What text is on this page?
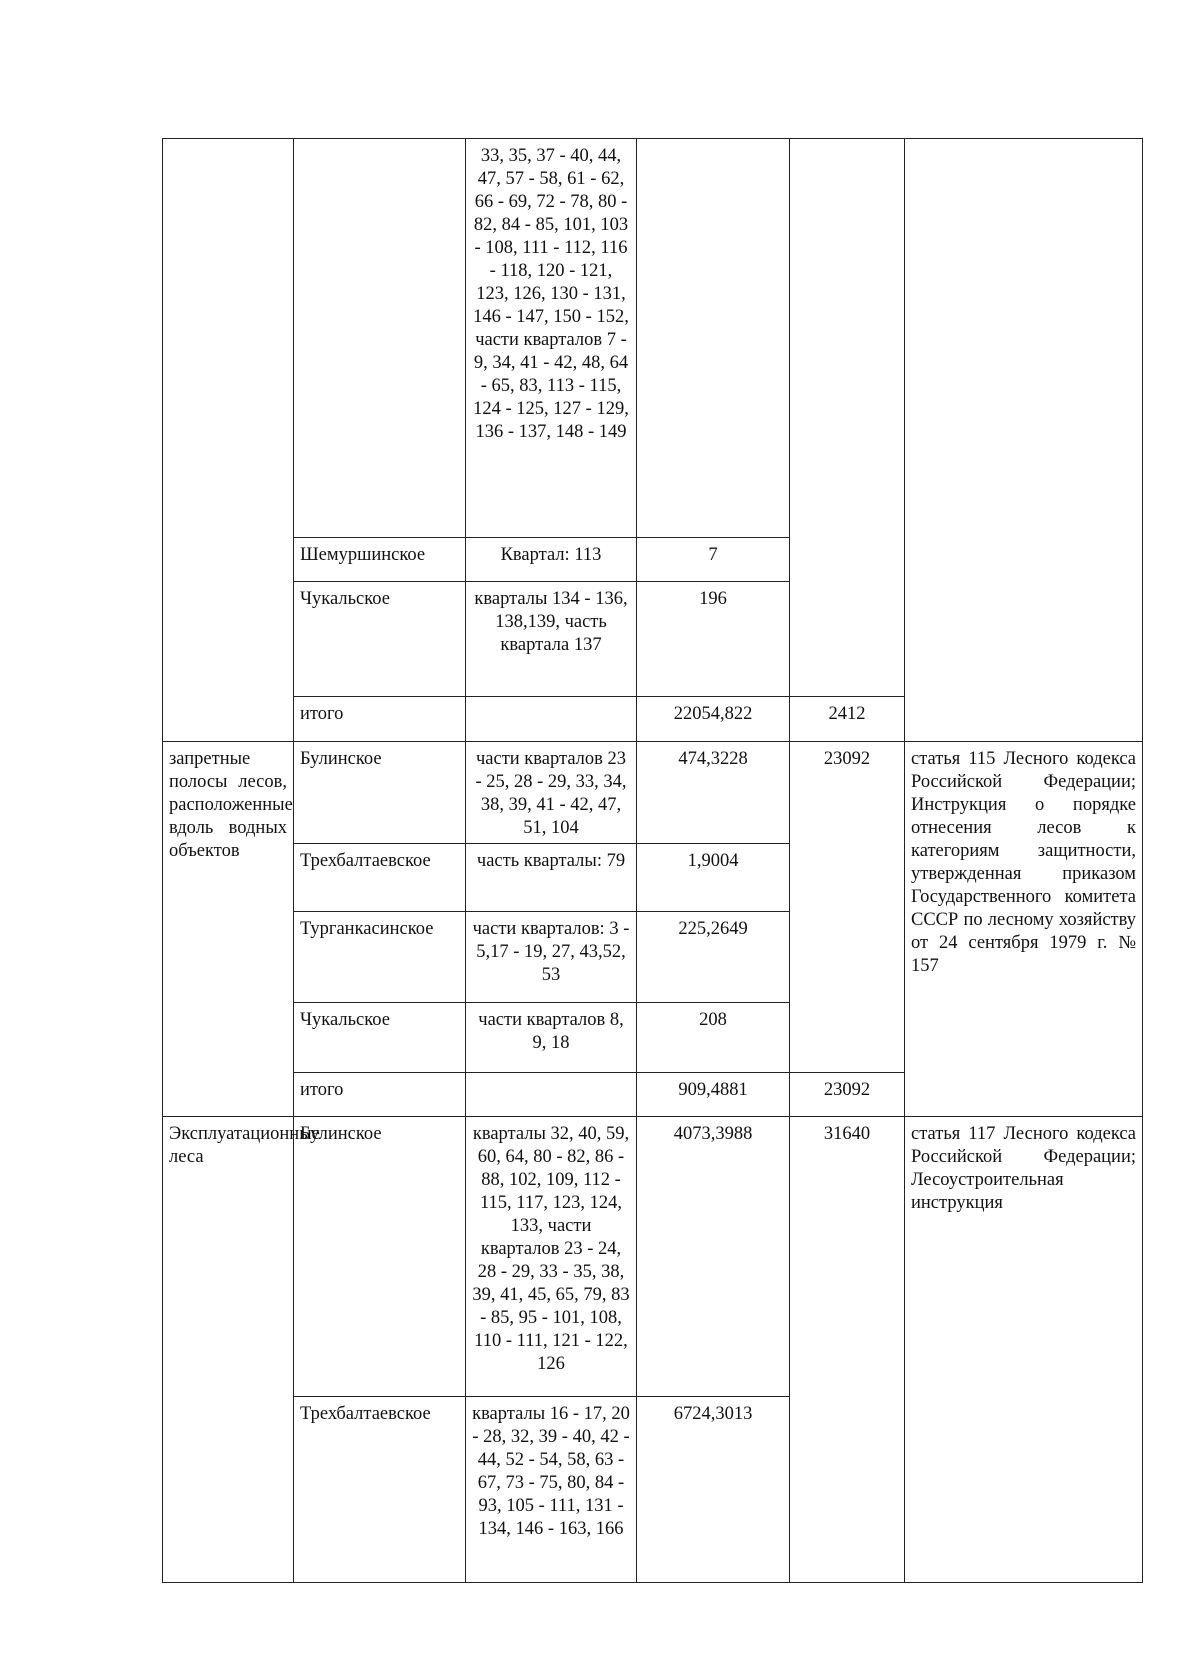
		33, 35, 37 - 40, 44, 47, 57 - 58, 61 - 62, 66 - 69, 72 - 78, 80 - 82, 84 - 85, 101, 103 - 108, 111 - 112, 116 - 118, 120 - 121, 123, 126, 130 - 131, 146 - 147, 150 - 152, части кварталов 7 - 9, 34, 41 - 42, 48, 64 - 65, 83, 113 - 115, 124 - 125, 127 - 129, 136 - 137, 148 - 149			
	Шемуршинское	Квартал: 113	7		
	Чукальское	кварталы 134 - 136, 138,139, часть квартала 137	196		
	итого		22054,822	2412	
запретные полосы лесов, расположенные вдоль водных объектов	Булинское	части кварталов 23 - 25, 28 - 29, 33, 34, 38, 39, 41 - 42, 47, 51, 104	474,3228	23092	статья 115 Лесного кодекса Российской Федерации; Инструкция о порядке отнесения лесов к категориям защитности, утвержденная приказом Государственного комитета СССР по лесному хозяйству от 24 сентября 1979 г. № 157
	Трехбалтаевское	часть кварталы: 79	1,9004		
	Турганкасинское	части кварталов: 3 - 5,17 - 19, 27, 43,52, 53	225,2649		
	Чукальское	части кварталов 8, 9, 18	208		
	итого		909,4881	23092	
Эксплуатационные леса	Булинское	кварталы 32, 40, 59, 60, 64, 80 - 82, 86 - 88, 102, 109, 112 - 115, 117, 123, 124, 133, части кварталов 23 - 24, 28 - 29, 33 - 35, 38, 39, 41, 45, 65, 79, 83 - 85, 95 - 101, 108, 110 - 111, 121 - 122, 126	4073,3988	31640	статья 117 Лесного кодекса Российской Федерации; Лесоустроительная инструкция
	Трехбалтаевское	кварталы 16 - 17, 20 - 28, 32, 39 - 40, 42 - 44, 52 - 54, 58, 63 - 67, 73 - 75, 80, 84 - 93, 105 - 111, 131 - 134, 146 - 163, 166	6724,3013		
